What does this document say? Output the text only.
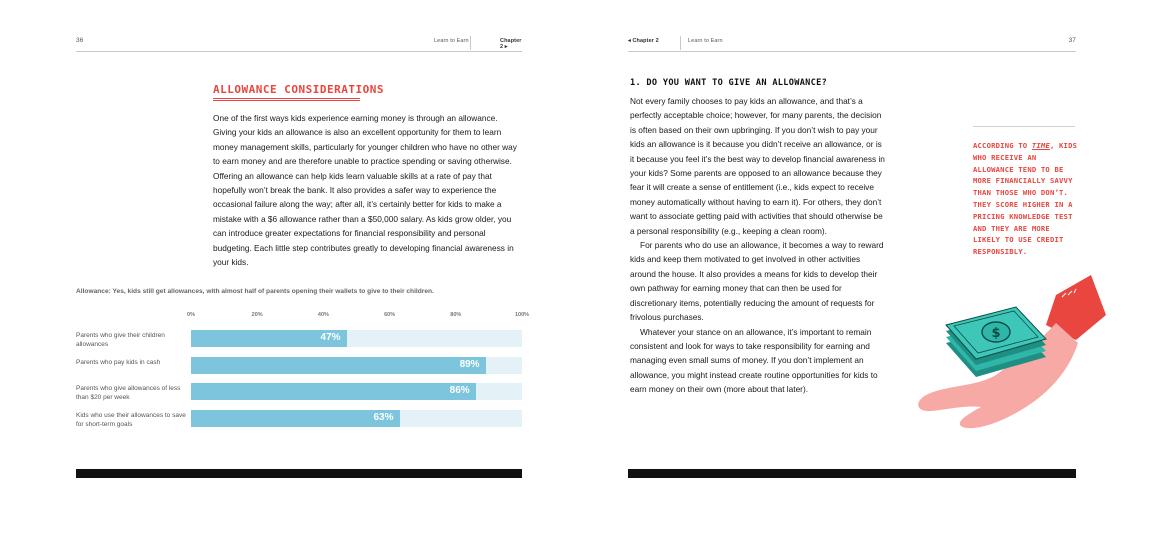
36	Learn to Earn	Chapter 2 ▸
ALLOWANCE CONSIDERATIONS
One of the first ways kids experience earning money is through an allowance. Giving your kids an allowance is also an excellent opportunity for them to learn money management skills, particularly for younger children who have no other way to earn money and are therefore unable to practice spending or saving otherwise. Offering an allowance can help kids learn valuable skills at a rate of pay that hopefully won’t break the bank. It also provides a safer way to experience the occasional failure along the way; after all, it’s certainly better for kids to make a mistake with a $6 allowance rather than a $50,000 salary. As kids grow older, you can introduce greater expectations for financial responsibility and personal budgeting. Each little step contributes greatly to developing financial awareness in your kids.
Allowance: Yes, kids still get allowances, with almost half of parents opening their wallets to give to their children.
0%	20%	40%	60%	80%	100%
Parents who give their children allowances
47%
Parents who pay kids in cash	89%
Parents who give allowances of less than $20 per week
86%
Kids who use their allowances to save for short-term goals
63%
◂ Chapter 2	Learn to Earn	37
1. DO YOU WANT TO GIVE AN ALLOWANCE?

Not every family chooses to pay kids an allowance, and that’s a perfectly acceptable choice; however, for many parents, the decision is often based on their own upbringing. If you don’t wish to pay your kids an allowance is it because you didn’t receive an allowance, or is it because you feel it’s the best way to develop financial awareness in your kids? Some parents are opposed to an allowance because they fear it will create a sense of entitlement (i.e., kids expect to receive money automatically without having to earn it). For others, they don’t want to associate getting paid with activities that should otherwise be a personal responsibility (e.g., keeping a clean room).

For parents who do use an allowance, it becomes a way to reward kids and keep them motivated to get involved in other activities around the house. It also provides a means for kids to develop their own pathway for earning money that can then be used for discretionary items, potentially reducing the amount of requests for frivolous purchases.

Whatever your stance on an allowance, it’s important to remain consistent and look for ways to take responsibility for earning and managing even small sums of money. If you don’t implement an allowance, you might instead create routine opportunities for kids to earn money on their own (more about that later).

ACCORDING TO TIME, KIDS WHO RECEIVE AN ALLOWANCE TEND TO BE MORE FINANCIALLY SAVVY THAN THOSE WHO DON’T. THEY SCORE HIGHER IN A PRICING KNOWLEDGE TEST AND THEY ARE MORE LIKELY TO USE CREDIT RESPONSIBLY.
$
